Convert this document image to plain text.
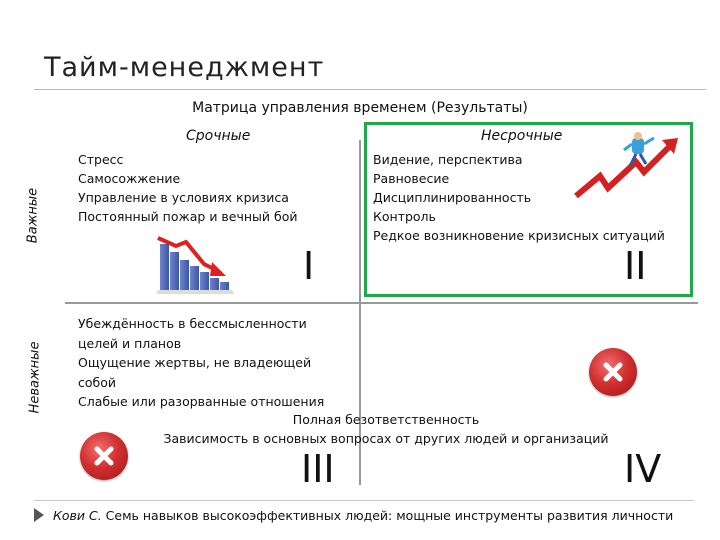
Тайм-менеджмент
Матрица управления временем (Результаты)
Срочные	Несрочные
Важные
Неважные
Стресс
Самосожжение
Управление в условиях кризиса
Постоянный пожар и вечный бой
I
Видение, перспектива
Равновесие
Дисциплинированность
Контроль
Редкое возникновение кризисных ситуаций
II
Убеждённость в бессмысленности
целей и планов
Ощущение жертвы, не владеющей
собой
Слабые или разорванные отношения
Полная безответственность
Зависимость в основных вопросах от других людей и организаций
III	IV
Кови С. Семь навыков высокоэффективных людей: мощные инструменты развития личности
